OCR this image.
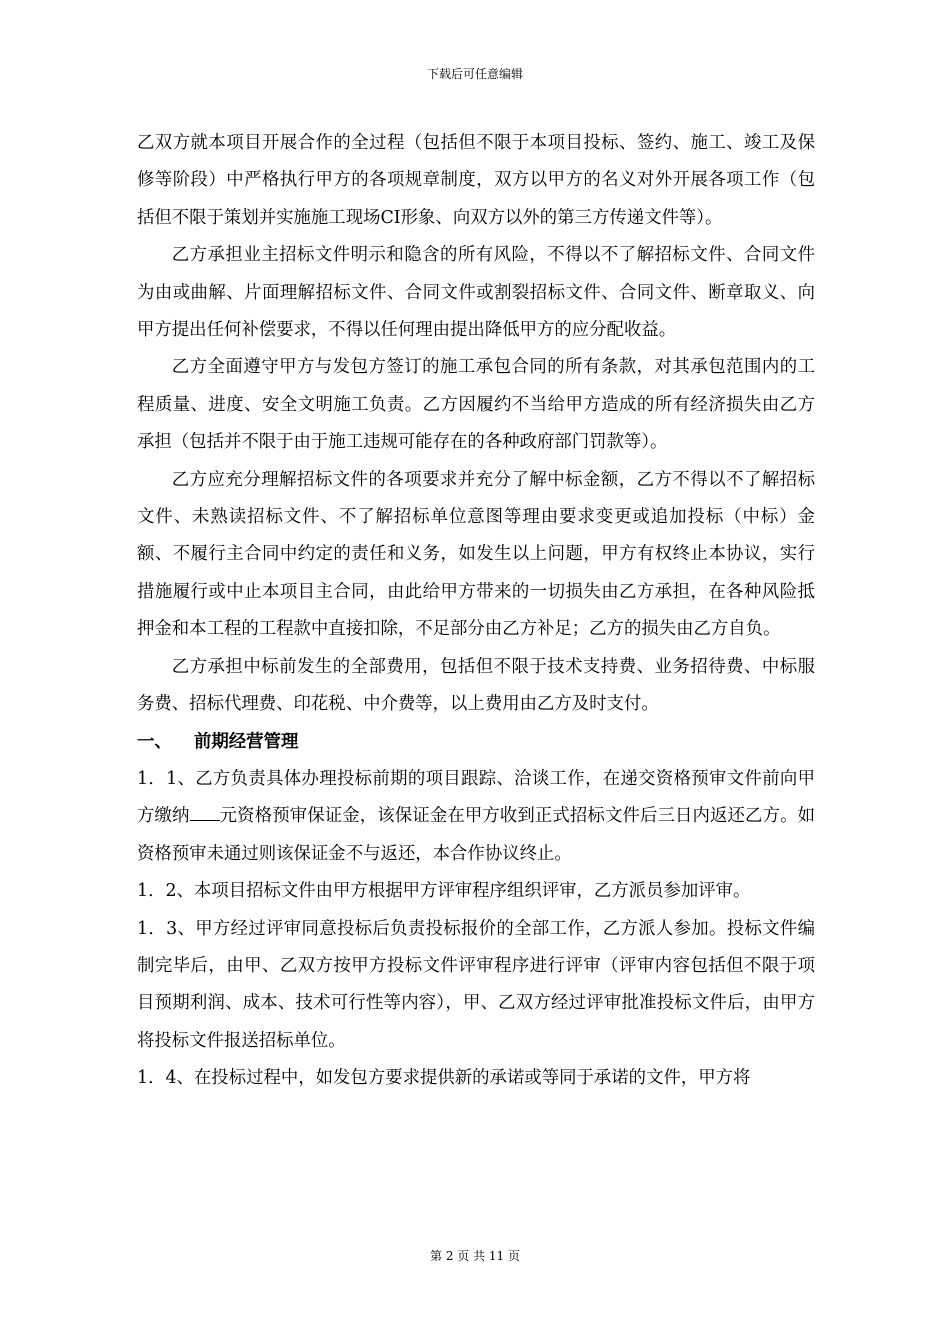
下载后可任意编辑

乙双方就本项目开展合作的全过程（包括但不限于本项目投标、签约、施工、竣工及保修等阶段）中严格执行甲方的各项规章制度，双方以甲方的名义对外开展各项工作（包括但不限于策划并实施施工现场CI形象、向双方以外的第三方传递文件等）。

乙方承担业主招标文件明示和隐含的所有风险，不得以不了解招标文件、合同文件为由或曲解、片面理解招标文件、合同文件或割裂招标文件、合同文件、断章取义、向甲方提出任何补偿要求，不得以任何理由提出降低甲方的应分配收益。

乙方全面遵守甲方与发包方签订的施工承包合同的所有条款，对其承包范围内的工程质量、进度、安全文明施工负责。乙方因履约不当给甲方造成的所有经济损失由乙方承担（包括并不限于由于施工违规可能存在的各种政府部门罚款等）。

乙方应充分理解招标文件的各项要求并充分了解中标金额，乙方不得以不了解招标文件、未熟读招标文件、不了解招标单位意图等理由要求变更或追加投标（中标）金额、不履行主合同中约定的责任和义务，如发生以上问题，甲方有权终止本协议，实行措施履行或中止本项目主合同，由此给甲方带来的一切损失由乙方承担，在各种风险抵押金和本工程的工程款中直接扣除，不足部分由乙方补足；乙方的损失由乙方自负。

乙方承担中标前发生的全部费用，包括但不限于技术支持费、业务招待费、中标服务费、招标代理费、印花税、中介费等，以上费用由乙方及时支付。

一、 前期经营管理

1．1、乙方负责具体办理投标前期的项目跟踪、洽谈工作，在递交资格预审文件前向甲方缴纳 元资格预审保证金，该保证金在甲方收到正式招标文件后三日内返还乙方。如资格预审未通过则该保证金不与返还，本合作协议终止。

1．2、本项目招标文件由甲方根据甲方评审程序组织评审，乙方派员参加评审。

1．3、甲方经过评审同意投标后负责投标报价的全部工作，乙方派人参加。投标文件编制完毕后，由甲、乙双方按甲方投标文件评审程序进行评审（评审内容包括但不限于项目预期利润、成本、技术可行性等内容），甲、乙双方经过评审批准投标文件后，由甲方将投标文件报送招标单位。

1．4、在投标过程中，如发包方要求提供新的承诺或等同于承诺的文件，甲方将

第 2 页 共 11 页
